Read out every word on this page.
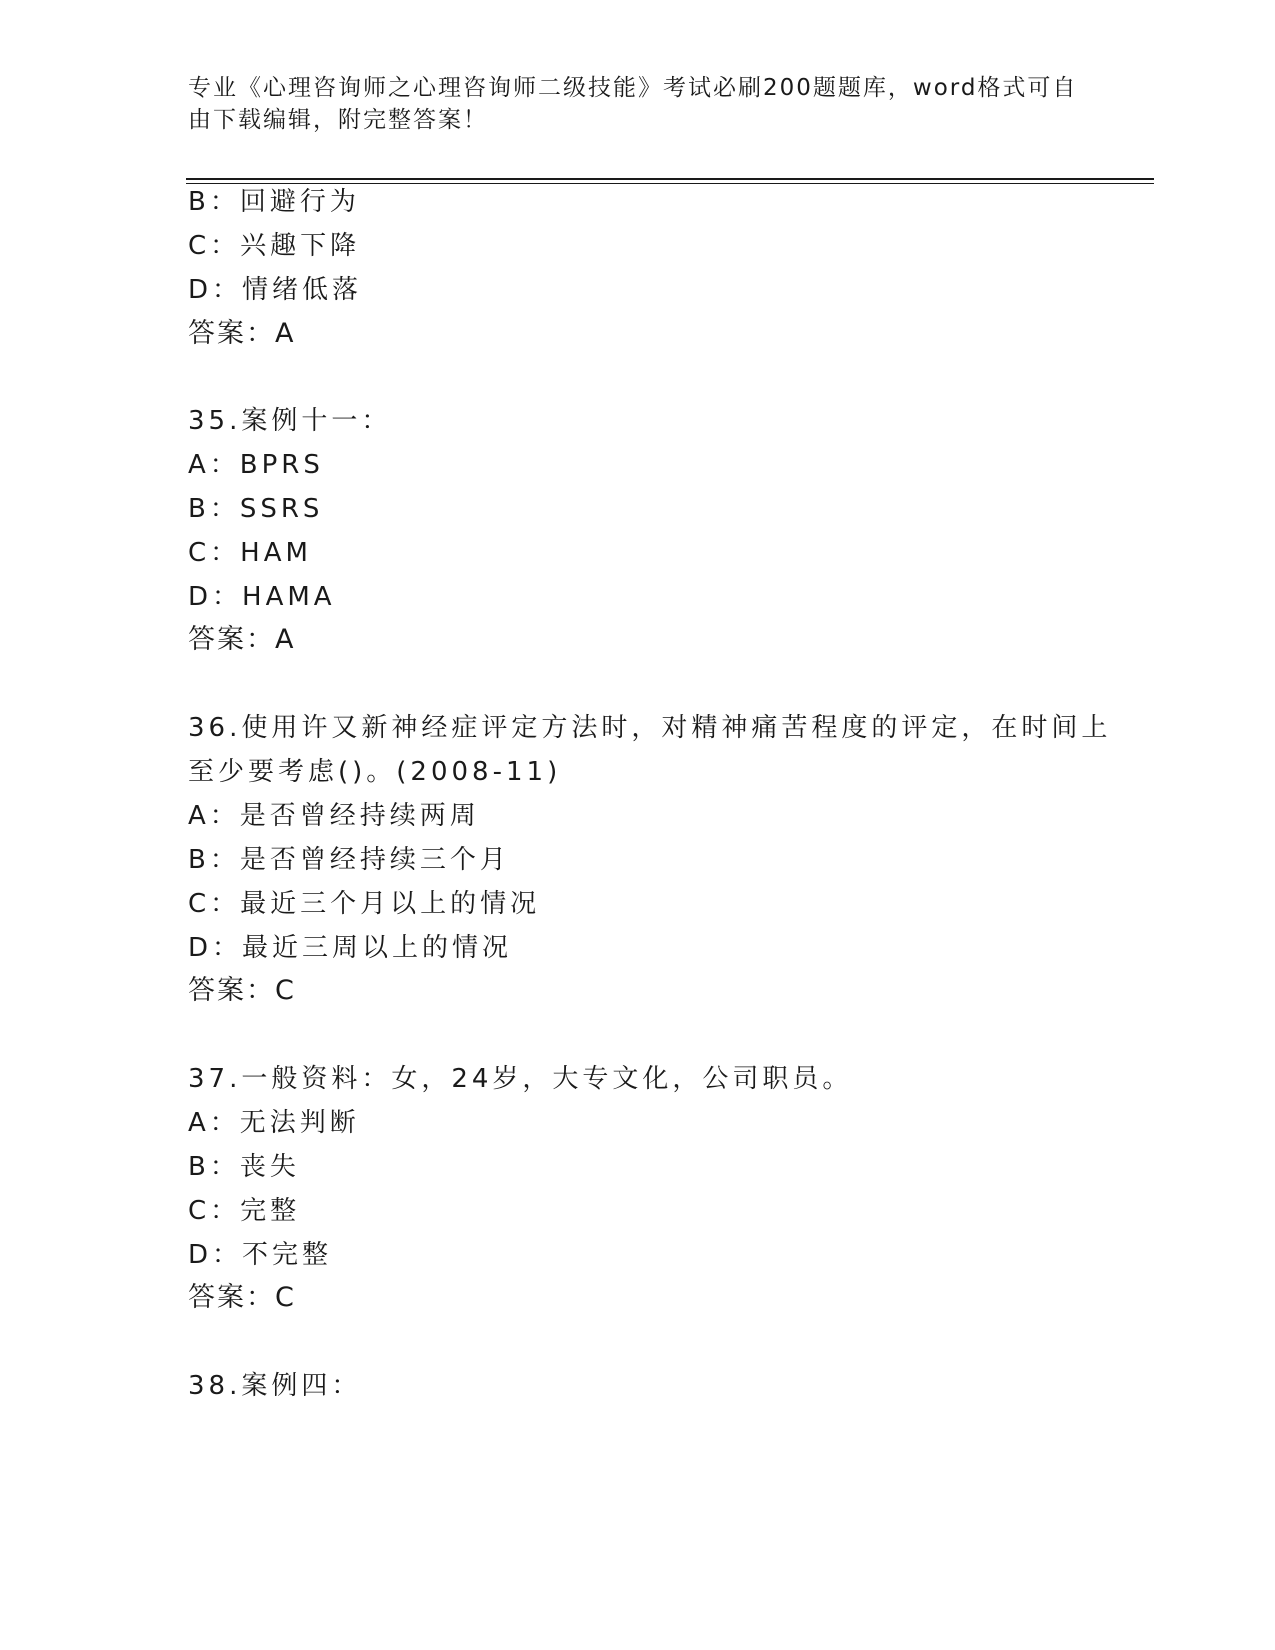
专业《心理咨询师之心理咨询师二级技能》考试必刷200题题库，word格式可自
由下载编辑，附完整答案！
B：回避行为
C：兴趣下降
D：情绪低落
答案：A
35.案例十一：
A：BPRS
B：SSRS
C：HAM
D：HAMA
答案：A
36.使用许又新神经症评定方法时，对精神痛苦程度的评定，在时间上
至少要考虑()。(2008-11)
A：是否曾经持续两周
B：是否曾经持续三个月
C：最近三个月以上的情况
D：最近三周以上的情况
答案：C
37.一般资料：女，24岁，大专文化，公司职员。
A：无法判断
B：丧失
C：完整
D：不完整
答案：C
38.案例四：
